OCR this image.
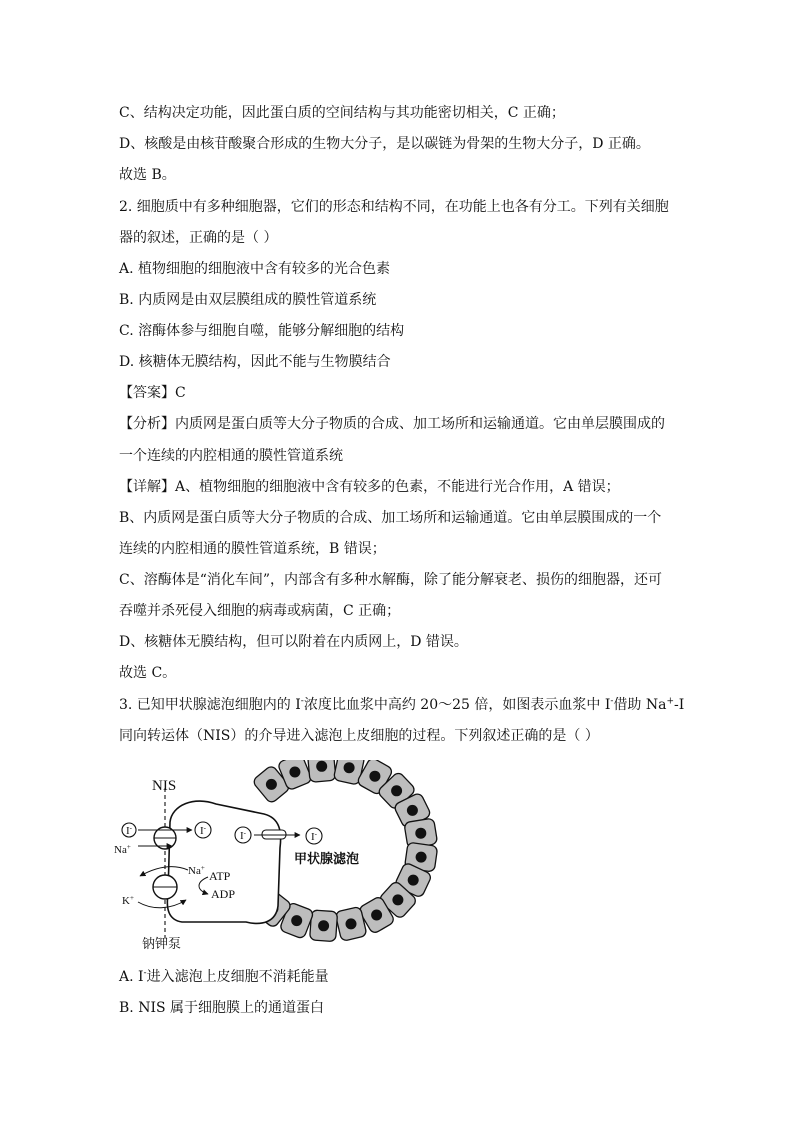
C、结构决定功能，因此蛋白质的空间结构与其功能密切相关，C 正确；

D、核酸是由核苷酸聚合形成的生物大分子，是以碳链为骨架的生物大分子，D 正确。

故选 B。

2. 细胞质中有多种细胞器，它们的形态和结构不同，在功能上也各有分工。下列有关细胞

器的叙述，正确的是（ ）

A. 植物细胞的细胞液中含有较多的光合色素

B. 内质网是由双层膜组成的膜性管道系统

C. 溶酶体参与细胞自噬，能够分解细胞的结构

D. 核糖体无膜结构，因此不能与生物膜结合

【答案】C

【分析】内质网是蛋白质等大分子物质的合成、加工场所和运输通道。它由单层膜围成的

一个连续的内腔相通的膜性管道系统

【详解】A、植物细胞的细胞液中含有较多的色素，不能进行光合作用，A 错误；

B、内质网是蛋白质等大分子物质的合成、加工场所和运输通道。它由单层膜围成的一个

连续的内腔相通的膜性管道系统，B 错误；

C、溶酶体是“消化车间”，内部含有多种水解酶，除了能分解衰老、损伤的细胞器，还可

吞噬并杀死侵入细胞的病毒或病菌，C 正确；

D、核糖体无膜结构，但可以附着在内质网上，D 错误。

故选 C。

3. 已知甲状腺滤泡细胞内的 I-浓度比血浆中高约 20～25 倍，如图表示血浆中 I-借助 Na+-I

同向转运体（NIS）的介导进入滤泡上皮细胞的过程。下列叙述正确的是（ ）

NIS
I-
Na+
I-
I-	I-
甲状腺滤泡
Na+
K+
ATP
ADP
钠钾泵

A. I-进入滤泡上皮细胞不消耗能量

B. NIS 属于细胞膜上的通道蛋白
